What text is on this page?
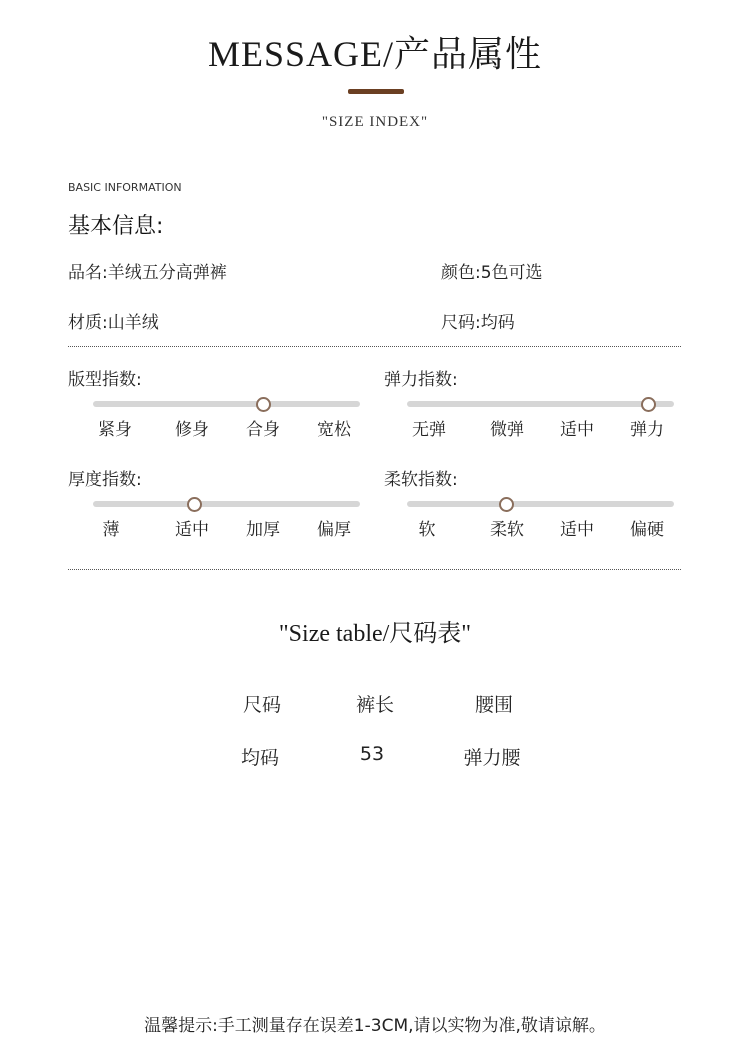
MESSAGE/产品属性
"SIZE INDEX"
BASIC INFORMATION
基本信息:
品名:羊绒五分高弹裤	颜色:5色可选
材质:山羊绒	尺码:均码
版型指数:
紧身	修身	合身	宽松
弹力指数:
无弹	微弹	适中	弹力
厚度指数:
薄	适中	加厚	偏厚
柔软指数:
软	柔软	适中	偏硬
"Size table/尺码表"
尺码	裤长	腰围
均码	53	弹力腰
温馨提示:手工测量存在误差1-3CM,请以实物为准,敬请谅解。
